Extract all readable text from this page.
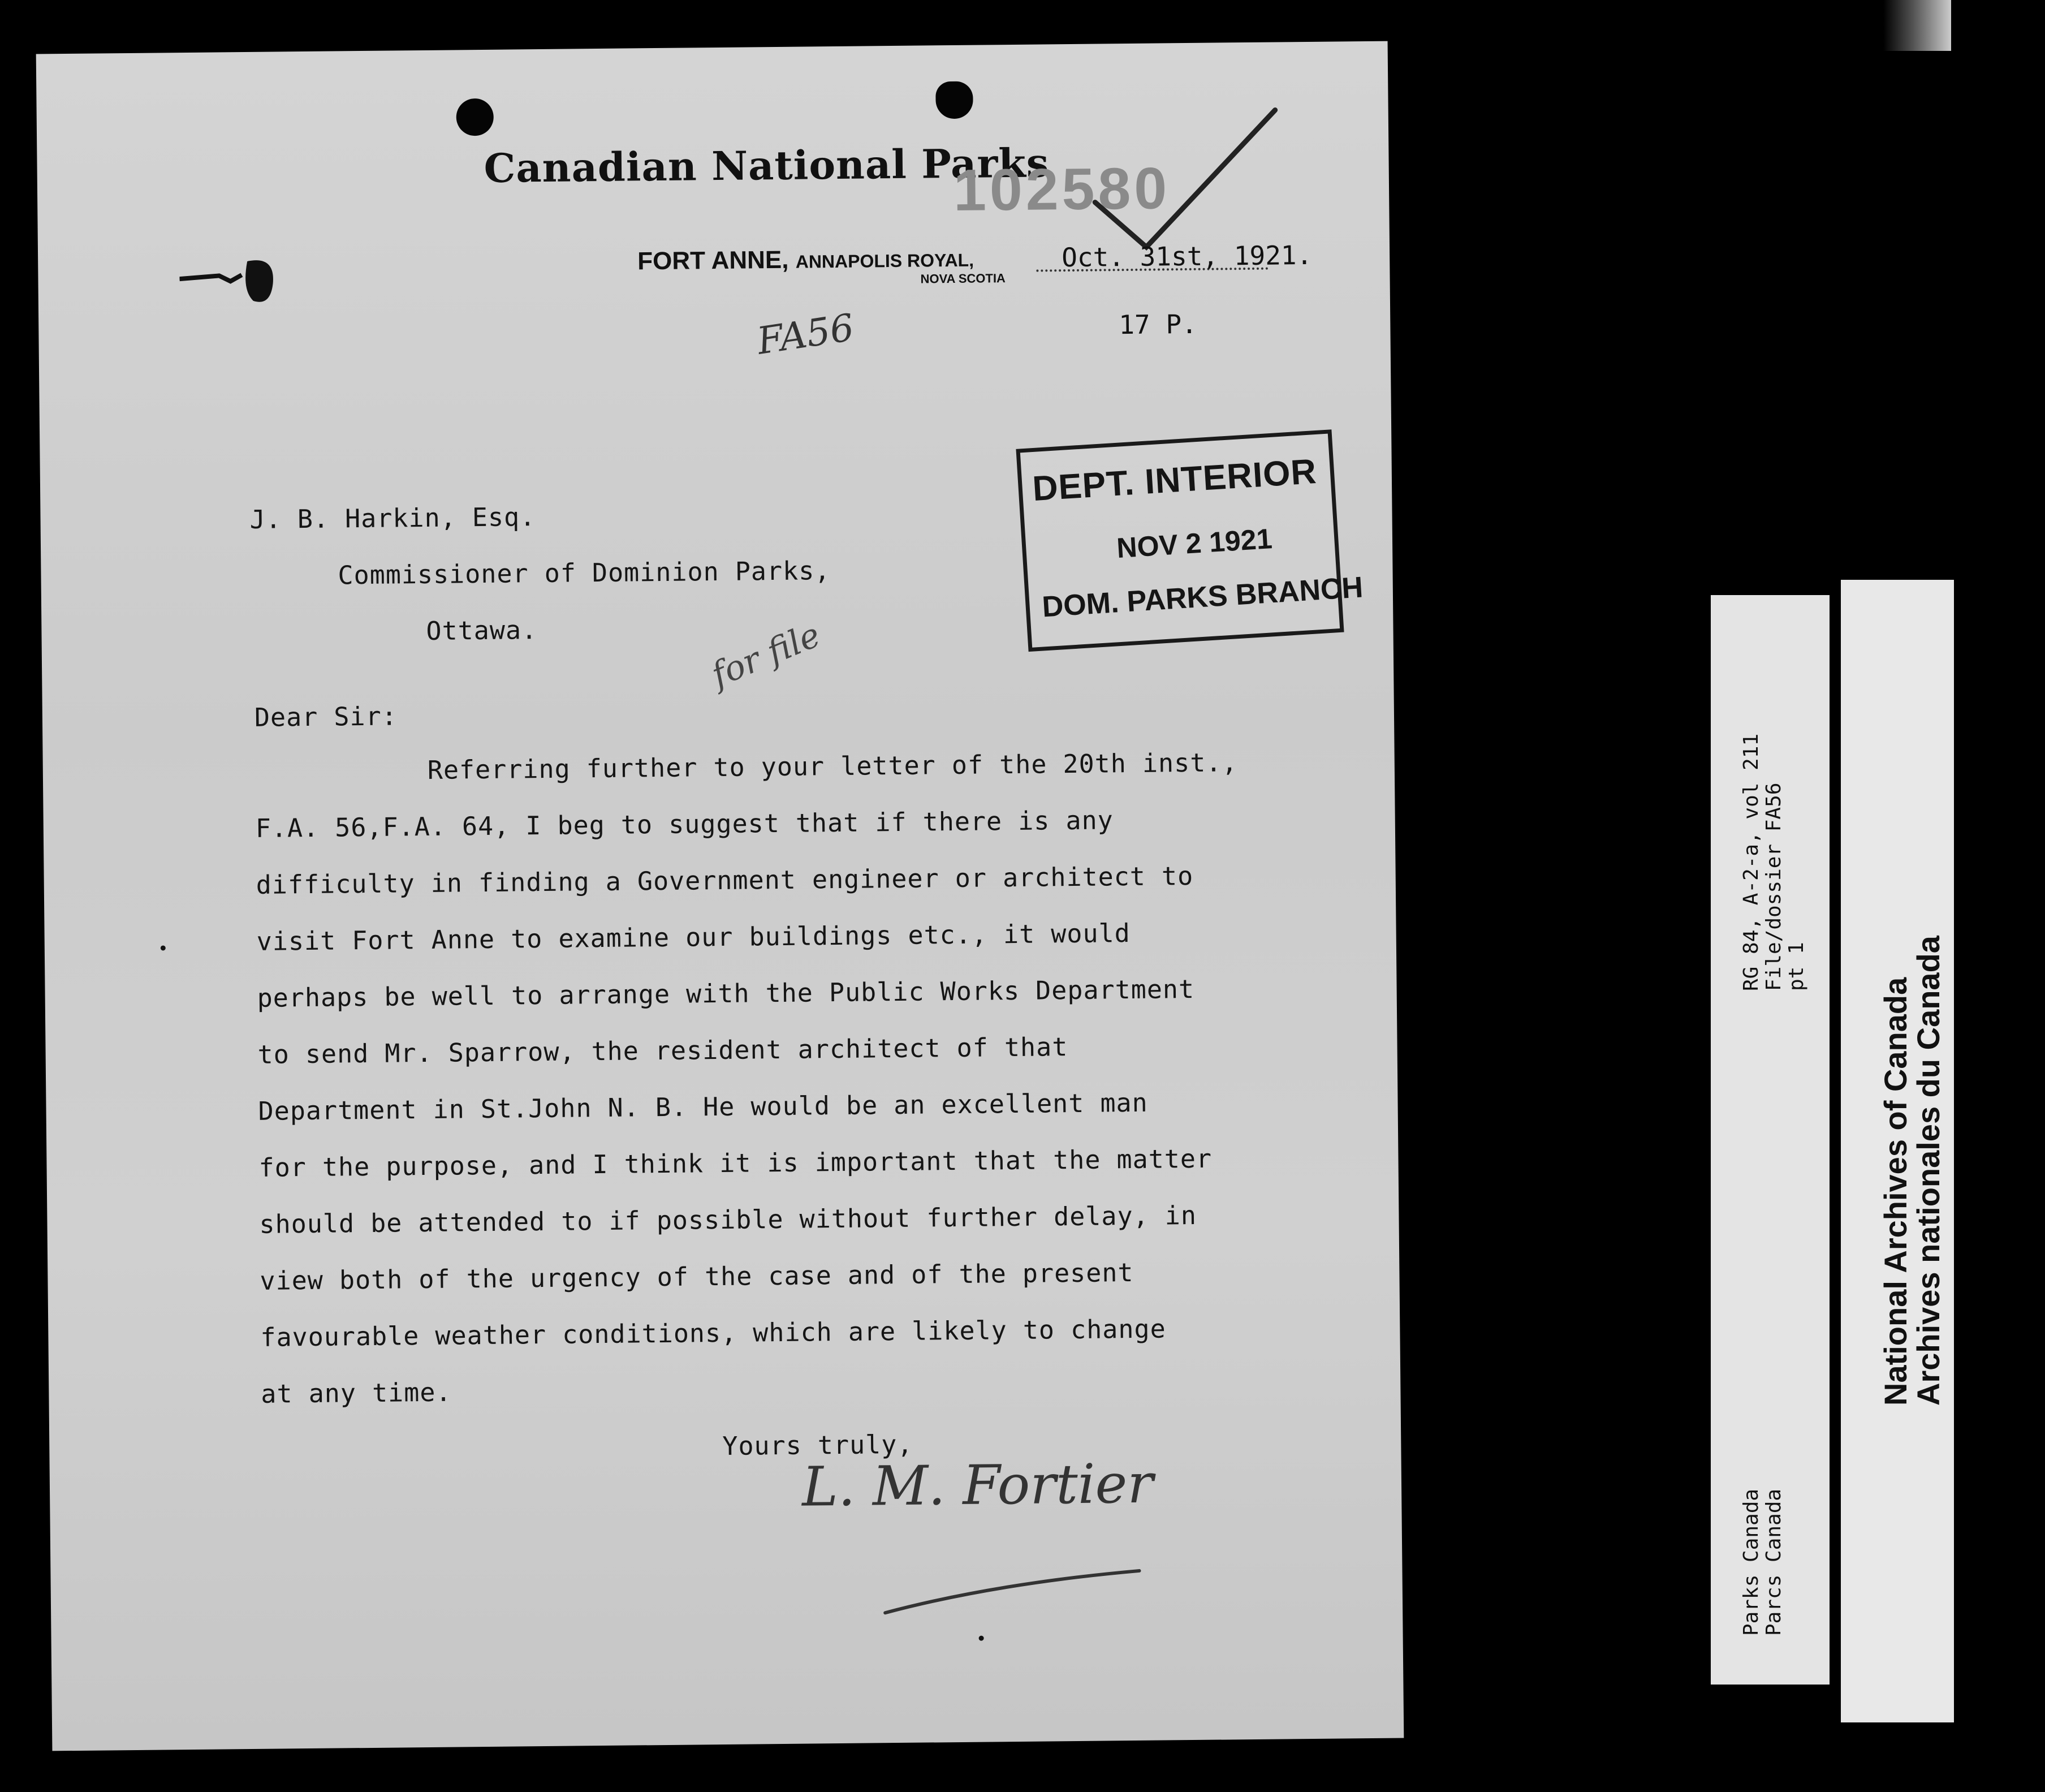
Canadian National Parks
102580
FORT ANNE, ANNAPOLIS ROYAL,
NOVA SCOTIA
Oct. 31st, 1921.
17 P.
FA56
DEPT. INTERIOR
NOV 2 1921
DOM. PARKS BRANCH
J. B. Harkin, Esq.
Commissioner of Dominion Parks,
Ottawa.	for file
Dear Sir:
Referring further to your letter of the 20th inst.,
F.A. 56,F.A. 64, I beg to suggest that if there is any
difficulty in finding a Government engineer or architect to
visit Fort Anne to examine our buildings etc., it would
perhaps be well to arrange with the Public Works Department
to send Mr. Sparrow, the resident architect of that
Department in St.John N. B. He would be an excellent man
for the purpose, and I think it is important that the matter
should be attended to if possible without further delay, in
view both of the urgency of the case and of the present
favourable weather conditions, which are likely to change
at any time.
Yours truly,
L. M. Fortier
RG 84, A-2-a, vol 211 File/dossier FA56 pt 1
Parks Canada Parcs Canada
National Archives of Canada
Archives nationales du Canada
